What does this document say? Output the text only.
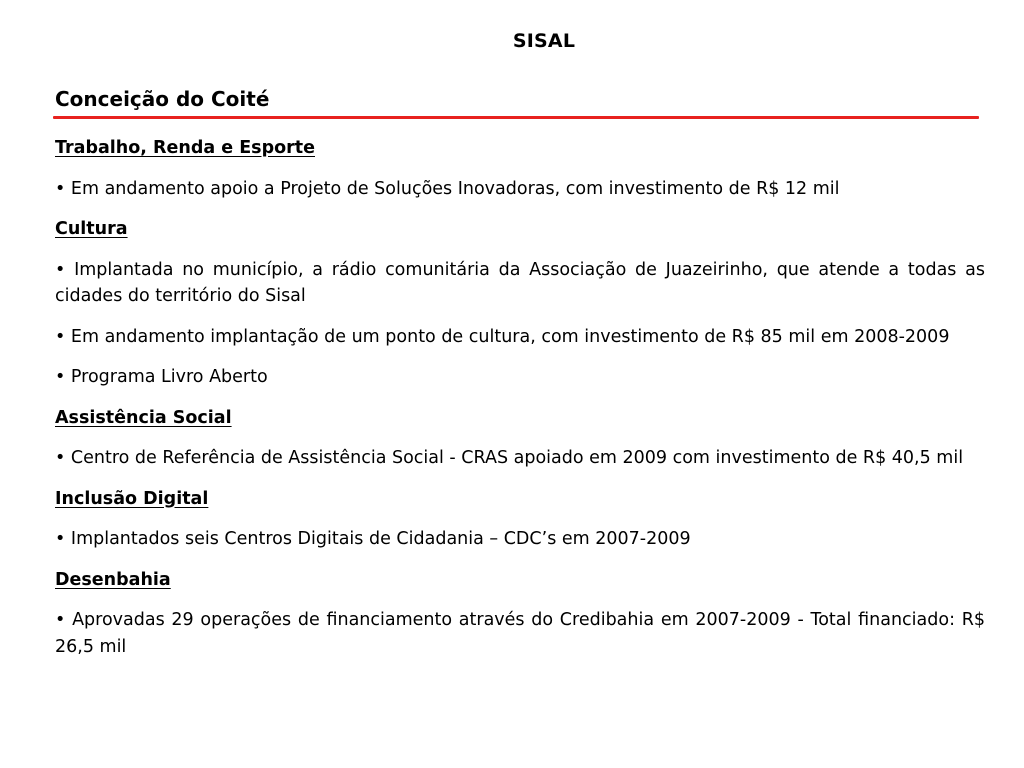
SISAL
Conceição do Coité
Trabalho, Renda e Esporte
• Em andamento apoio a Projeto de Soluções Inovadoras, com investimento de R$ 12 mil
Cultura
• Implantada no município, a rádio comunitária da Associação de Juazeirinho, que atende a todas as cidades do território do Sisal
• Em andamento implantação de um ponto de cultura, com investimento de R$ 85 mil em 2008-2009
• Programa Livro Aberto
Assistência Social
• Centro de Referência de Assistência Social - CRAS apoiado em 2009 com investimento de R$ 40,5 mil
Inclusão Digital
• Implantados seis Centros Digitais de Cidadania – CDC’s em 2007-2009
Desenbahia
• Aprovadas 29 operações de financiamento através do Credibahia em 2007-2009 - Total financiado: R$ 26,5 mil
